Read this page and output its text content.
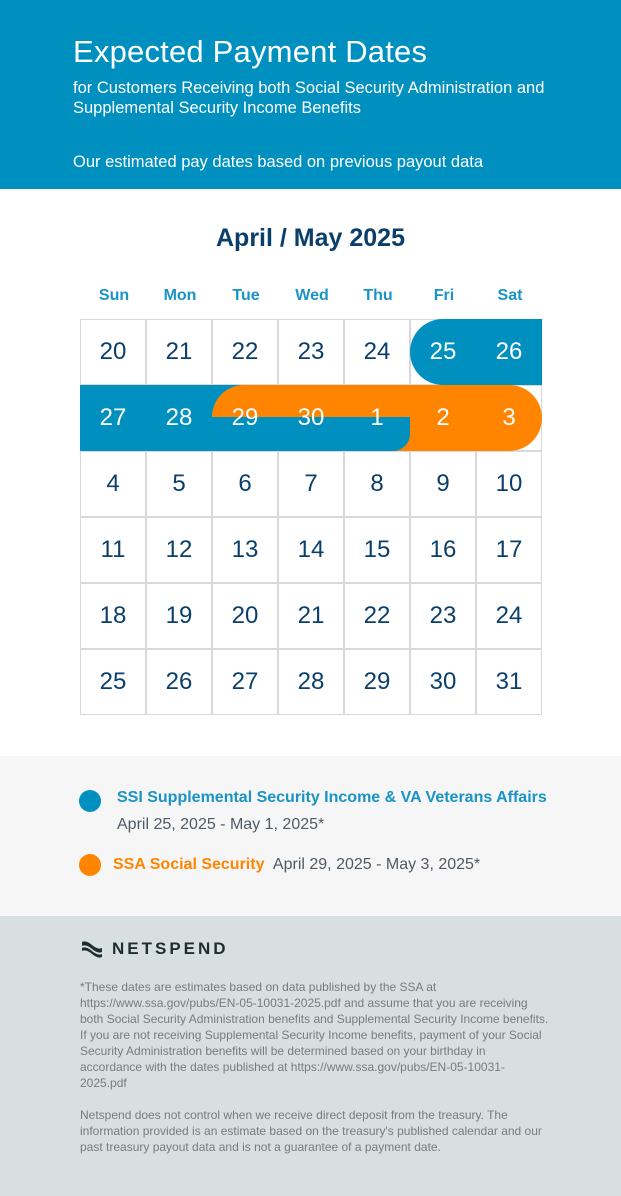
Expected Payment Dates
for Customers Receiving both Social Security Administration and Supplemental Security Income Benefits
Our estimated pay dates based on previous payout data
April / May 2025
Sun	Mon	Tue	Wed	Thu	Fri	Sat
20	21	22	23	24	25	26
27	28	29	30	1	2	3
4	5	6	7	8	9	10
11	12	13	14	15	16	17
18	19	20	21	22	23	24
25	26	27	28	29	30	31
SSI Supplemental Security Income & VA Veterans Affairs
April 25, 2025 - May 1, 2025*
SSA Social Security April 29, 2025 - May 3, 2025*
NETSPEND
*These dates are estimates based on data published by the SSA at https://www.ssa.gov/pubs/EN-05-10031-2025.pdf and assume that you are receiving both Social Security Administration benefits and Supplemental Security Income benefits. If you are not receiving Supplemental Security Income benefits, payment of your Social Security Administration benefits will be determined based on your birthday in accordance with the dates published at https://www.ssa.gov/pubs/EN-05-10031-2025.pdf
Netspend does not control when we receive direct deposit from the treasury. The information provided is an estimate based on the treasury's published calendar and our past treasury payout data and is not a guarantee of a payment date.
